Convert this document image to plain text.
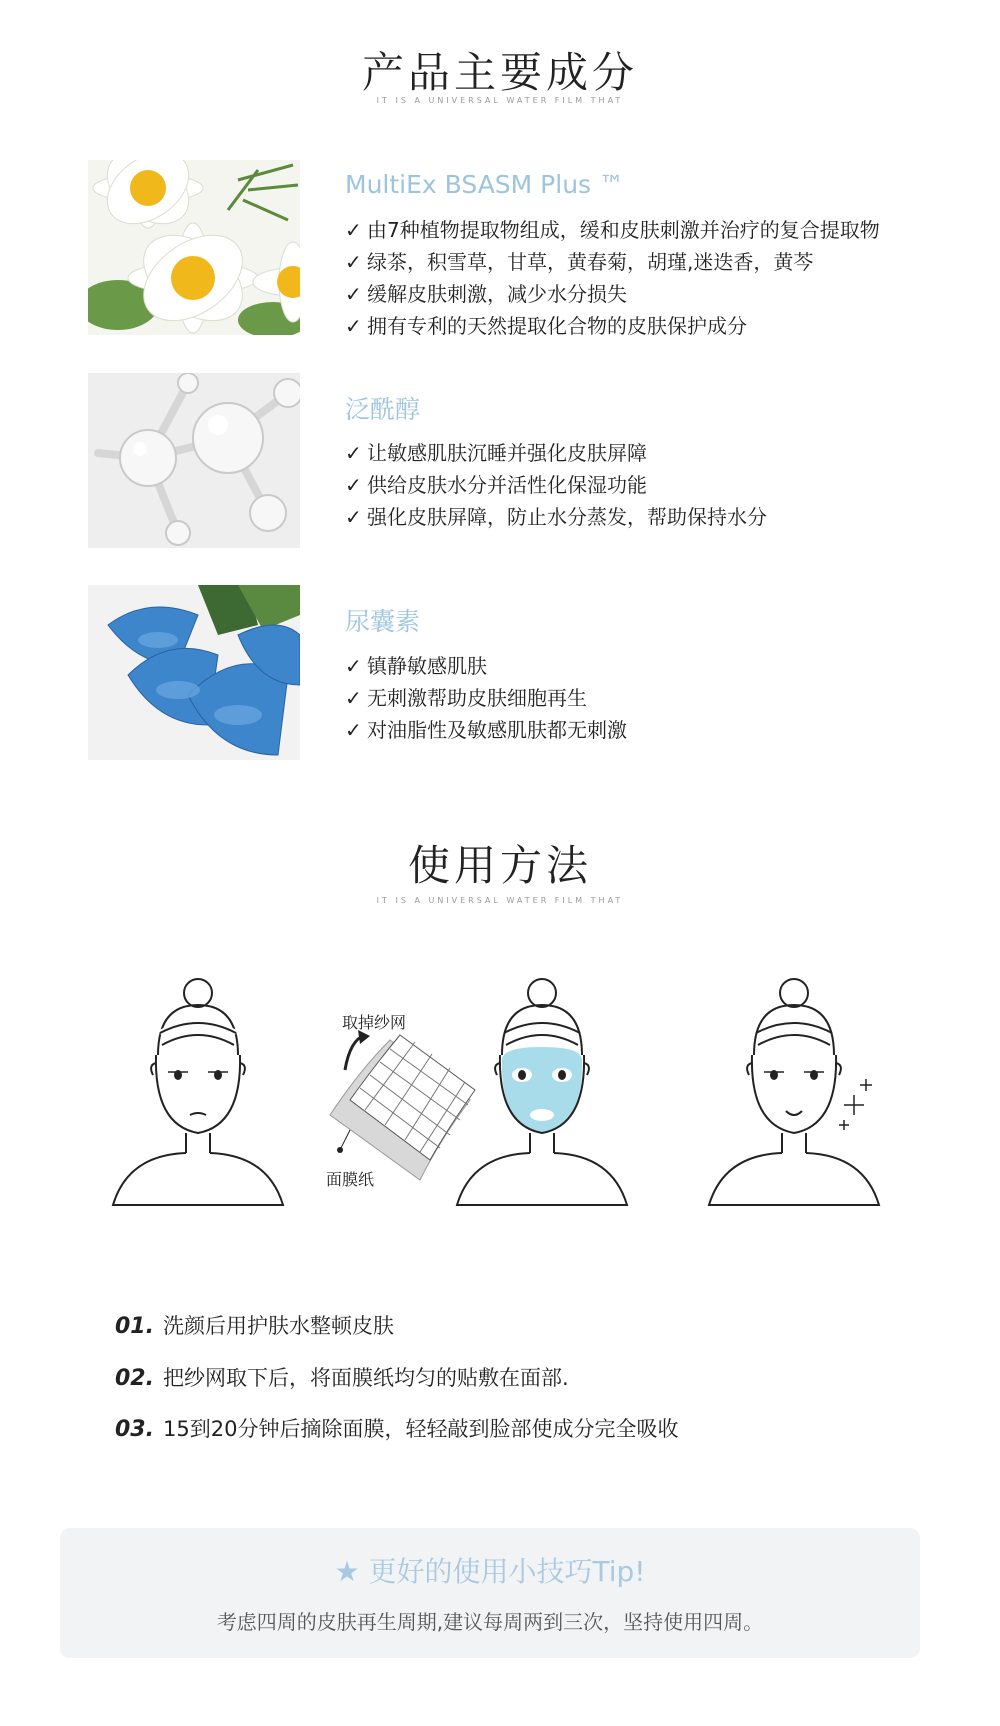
产品主要成分
IT IS A UNIVERSAL WATER FILM THAT
MultiEx BSASM Plus ™
✓ 由7种植物提取物组成，缓和皮肤刺激并治疗的复合提取物
✓ 绿茶，积雪草，甘草，黄春菊，胡瑾,迷迭香，黄芩
✓ 缓解皮肤刺激，减少水分损失
✓ 拥有专利的天然提取化合物的皮肤保护成分
泛酰醇
✓ 让敏感肌肤沉睡并强化皮肤屏障
✓ 供给皮肤水分并活性化保湿功能
✓ 强化皮肤屏障，防止水分蒸发，帮助保持水分
尿囊素
✓ 镇静敏感肌肤
✓ 无刺激帮助皮肤细胞再生
✓ 对油脂性及敏感肌肤都无刺激
使用方法
IT IS A UNIVERSAL WATER FILM THAT
取掉纱网
面膜纸
01. 洗颜后用护肤水整顿皮肤
02. 把纱网取下后，将面膜纸均匀的贴敷在面部.
03. 15到20分钟后摘除面膜，轻轻敲到脸部使成分完全吸收
★ 更好的使用小技巧Tip!
考虑四周的皮肤再生周期,建议每周两到三次，坚持使用四周。
